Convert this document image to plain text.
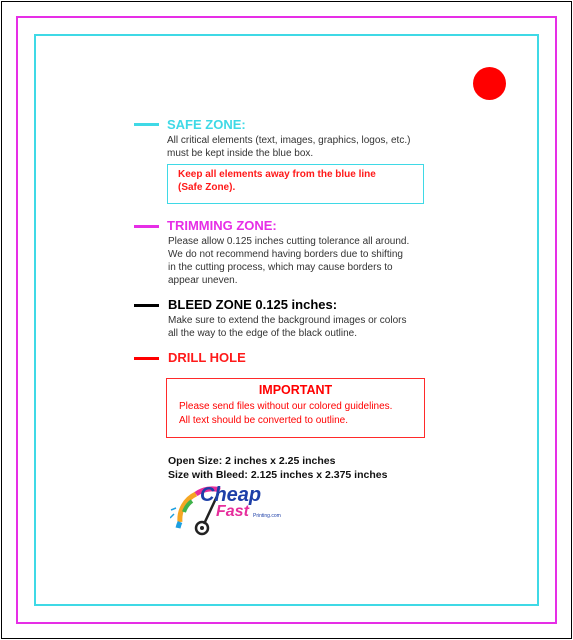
SAFE ZONE:
All critical elements (text, images, graphics, logos, etc.)
must be kept inside the blue box.
Keep all elements away from the blue line
(Safe Zone).
TRIMMING ZONE:
Please allow 0.125 inches cutting tolerance all around.
We do not recommend having borders due to shifting
in the cutting process, which may cause borders to
appear uneven.
BLEED ZONE 0.125 inches:
Make sure to extend the background images or colors
all the way to the edge of the black outline.
DRILL HOLE
IMPORTANT
Please send files without our colored guidelines.
All text should be converted to outline.
Open Size: 2 inches x 2.25 inches
Size with Bleed: 2.125 inches x 2.375 inches
Cheap
Fast Printing.com
